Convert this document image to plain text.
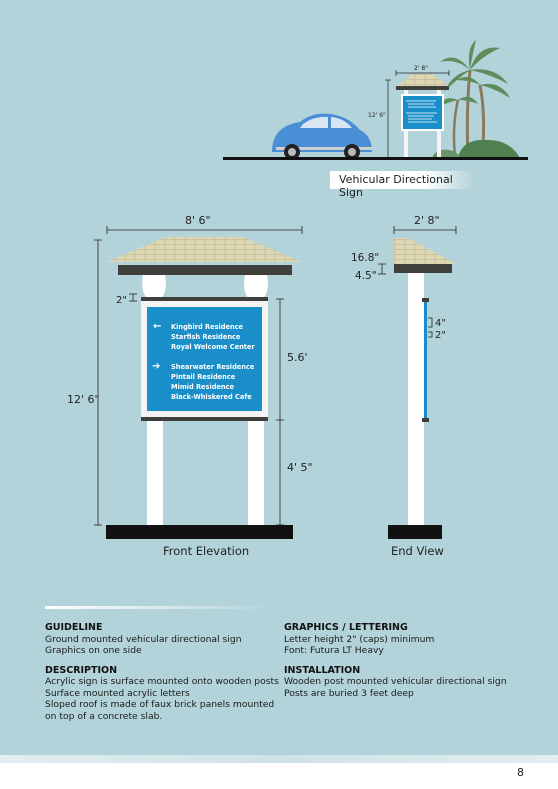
2' 8"
12' 6"
← Kingbird Residence
Starfish Residence
Royal Welcome Center
➔ Shearwater Residence
Pintail Residence
Mimid Residence
Black-Whiskered Cafe
8' 6"
12' 6"
2"
5.6'
4' 5"
Front Elevation
2' 8"
16.8"
4.5"
4"
2"
End View
Vehicular Directional Sign
GUIDELINE

Ground mounted vehicular directional sign

Graphics on one side

DESCRIPTION

Acrylic sign is surface mounted onto wooden posts

Surface mounted acrylic letters

Sloped roof is made of faux brick panels mounted

on top of a concrete slab.

GRAPHICS / LETTERING

Letter height 2" (caps) minimum

Font: Futura LT Heavy

INSTALLATION

Wooden post mounted vehicular directional sign

Posts are buried 3 feet deep

8
